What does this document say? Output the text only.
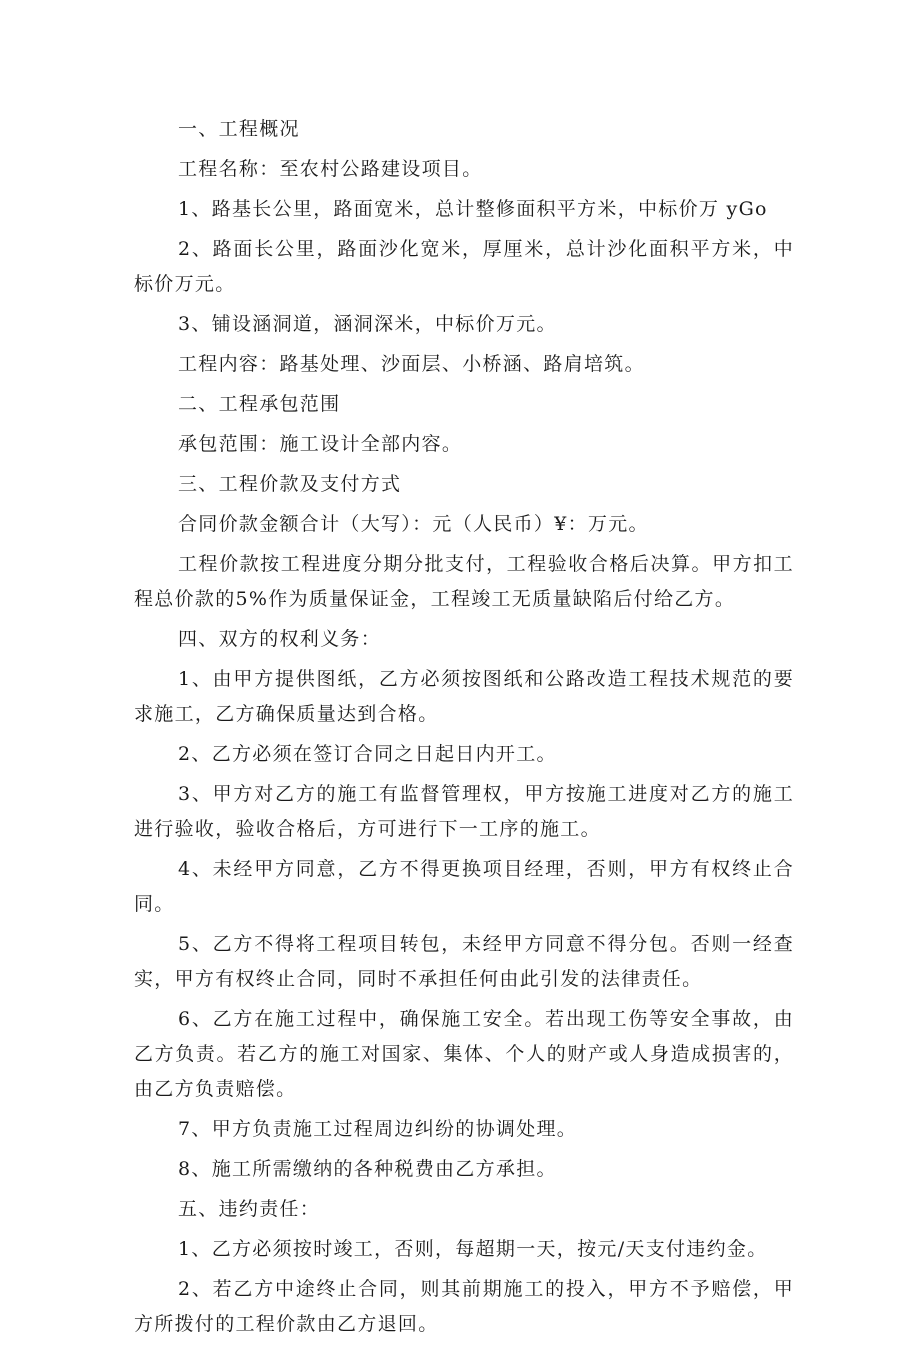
一、工程概况

工程名称：至农村公路建设项目。

1、路基长公里，路面宽米，总计整修面积平方米，中标价万 yGo

2、路面长公里，路面沙化宽米，厚厘米，总计沙化面积平方米，中标价万元。

3、铺设涵洞道，涵洞深米，中标价万元。

工程内容：路基处理、沙面层、小桥涵、路肩培筑。

二、工程承包范围

承包范围：施工设计全部内容。

三、工程价款及支付方式

合同价款金额合计（大写）：元（人民币）¥：万元。

工程价款按工程进度分期分批支付，工程验收合格后决算。甲方扣工程总价款的5%作为质量保证金，工程竣工无质量缺陷后付给乙方。

四、双方的权利义务：

1、由甲方提供图纸，乙方必须按图纸和公路改造工程技术规范的要求施工，乙方确保质量达到合格。

2、乙方必须在签订合同之日起日内开工。

3、甲方对乙方的施工有监督管理权，甲方按施工进度对乙方的施工进行验收，验收合格后，方可进行下一工序的施工。

4、未经甲方同意，乙方不得更换项目经理，否则，甲方有权终止合同。

5、乙方不得将工程项目转包，未经甲方同意不得分包。否则一经查实，甲方有权终止合同，同时不承担任何由此引发的法律责任。

6、乙方在施工过程中，确保施工安全。若出现工伤等安全事故，由乙方负责。若乙方的施工对国家、集体、个人的财产或人身造成损害的，由乙方负责赔偿。

7、甲方负责施工过程周边纠纷的协调处理。

8、施工所需缴纳的各种税费由乙方承担。

五、违约责任：

1、乙方必须按时竣工，否则，每超期一天，按元/天支付违约金。

2、若乙方中途终止合同，则其前期施工的投入，甲方不予赔偿，甲方所拨付的工程价款由乙方退回。
